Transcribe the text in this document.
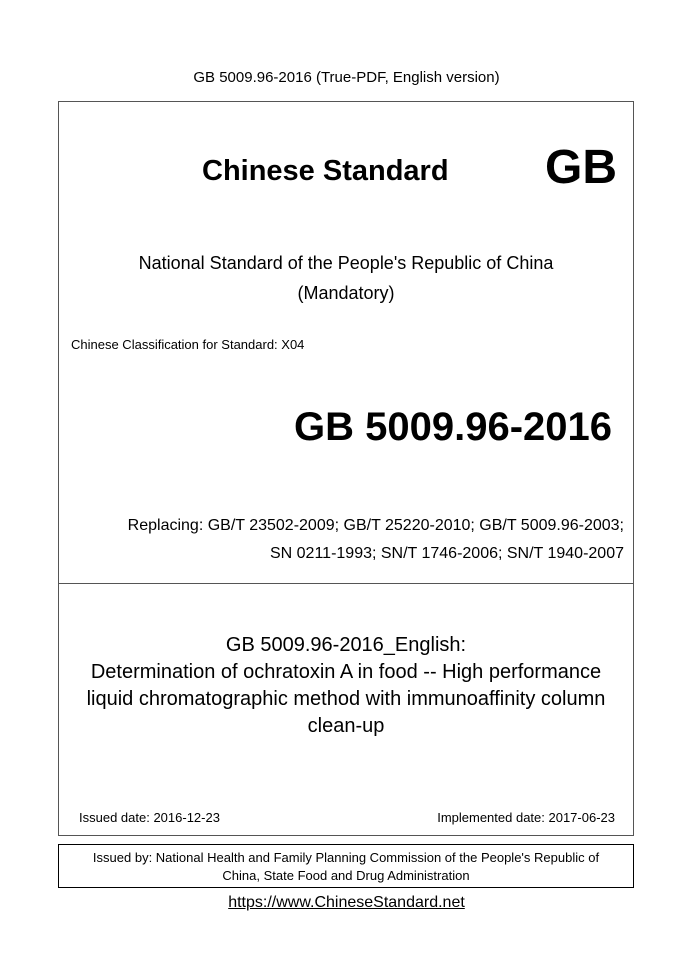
GB 5009.96-2016 (True-PDF, English version)
Chinese Standard GB
National Standard of the People's Republic of China
(Mandatory)
Chinese Classification for Standard: X04
GB 5009.96-2016
Replacing: GB/T 23502-2009; GB/T 25220-2010; GB/T 5009.96-2003;
SN 0211-1993; SN/T 1746-2006; SN/T 1940-2007
GB 5009.96-2016_English:
Determination of ochratoxin A in food -- High performance
liquid chromatographic method with immunoaffinity column
clean-up
Issued date: 2016-12-23	Implemented date: 2017-06-23
Issued by: National Health and Family Planning Commission of the People's Republic of
China, State Food and Drug Administration
https://www.ChineseStandard.net
